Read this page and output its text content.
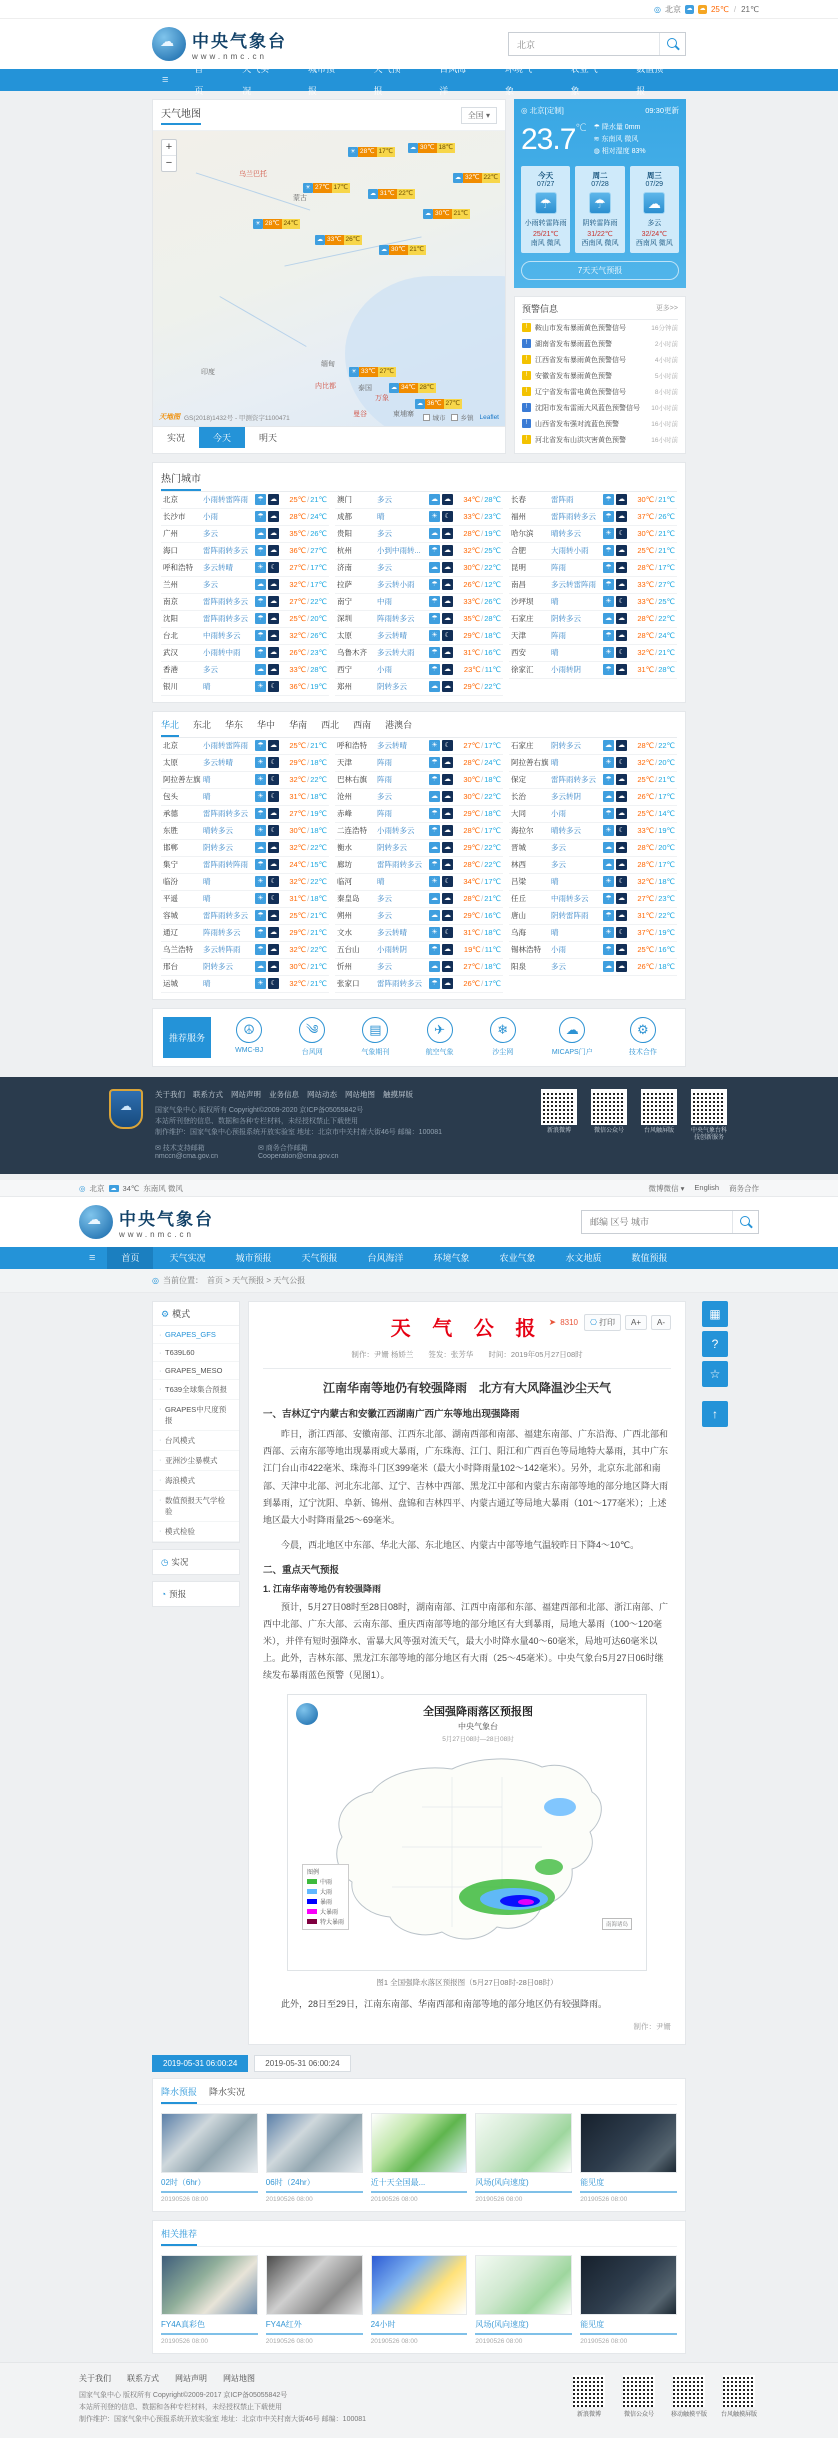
◎ 北京 ☁ ☁ 25℃ / 21℃
☁
中央气象台
www.nmc.cn
北京
≡
首页
天气实况
城市预报
天气预报
台风海洋
环境气象
农业气象
数值预报
天气地图	全国 ▾
+
−
☀ 28℃ 17℃	☁ 30℃ 18℃
☁ 32℃ 22℃
☀ 27℃ 17℃
☁ 31℃ 22℃
☁ 30℃ 21℃
☀ 28℃ 24℃
☁ 33℃ 26℃
☁ 30℃ 21℃
☀ 33℃ 27℃
☁ 34℃ 28℃
☁ 36℃ 27℃
蒙古
乌兰巴托
印度
缅甸
内比都	泰国
万象
曼谷	柬埔寨
天地图 GS(2018)1432号 - 甲测资字1100471	城市	乡镇 Leaflet
实况	今天	明天
◎ 北京[定制]	09:30更新
23.7℃ ☂ 降水量 0mm
≋ 东南风 微风
◍ 相对湿度 83%
今天
07/27
☂
小雨转雷阵雨
25/21℃
南风 微风
周二
07/28
☂
阴转雷阵雨
31/22℃
西南风 微风
周三
07/29
☁
多云
32/24℃
西南风 微风
7天天气预报
预警信息	更多>>
!	鞍山市发布暴雨黄色预警信号	16分钟前
!	湖南省发布暴雨蓝色预警	2小时前
!	江西省发布暴雨黄色预警信号	4小时前
!	安徽省发布暴雨黄色预警	5小时前
!	辽宁省发布雷电黄色预警信号	8小时前
!	沈阳市发布雷雨大风蓝色预警信号	10小时前
!	山西省发布强对流蓝色预警	16小时前
!	河北省发布山洪灾害黄色预警	16小时前
热门城市
北京	小雨转雷阵雨	☂ ☁ 25℃/21℃ 澳门	多云	☁ ☁ 34℃/28℃ 长春	雷阵雨	☂ ☁ 30℃/21℃
长沙市	小雨	☂ ☁ 28℃/24℃ 成都	晴	☀ ☾	33℃/23℃ 福州	雷阵雨转多云	☂ ☁ 37℃/26℃
广州	多云	☁ ☁ 35℃/26℃ 贵阳	多云	☁ ☁ 28℃/19℃ 哈尔滨	晴转多云	☀ ☾	30℃/21℃
海口	雷阵雨转多云	☂ ☁ 36℃/27℃ 杭州	小到中雨转...	☂ ☁ 32℃/25℃ 合肥	大雨转小雨	☂ ☁ 25℃/21℃
呼和浩特	多云转晴	☀ ☾	27℃/17℃ 济南	多云	☁ ☁ 30℃/22℃ 昆明	阵雨	☂ ☁ 28℃/17℃
兰州	多云	☁ ☁ 32℃/17℃ 拉萨	多云转小雨	☂ ☁ 26℃/12℃ 南昌	多云转雷阵雨	☂ ☁ 33℃/27℃
南京	雷阵雨转多云	☂ ☁ 27℃/22℃ 南宁	中雨	☂ ☁ 33℃/26℃ 沙坪坝	晴	☀ ☾	33℃/25℃
沈阳	雷阵雨转多云	☂ ☁ 25℃/20℃ 深圳	阵雨转多云	☂ ☁ 35℃/28℃ 石家庄	阴转多云	☁ ☁ 28℃/22℃
台北	中雨转多云	☂ ☁ 32℃/26℃ 太原	多云转晴	☀ ☾	29℃/18℃ 天津	阵雨	☂ ☁ 28℃/24℃
武汉	小雨转中雨	☂ ☁ 26℃/23℃ 乌鲁木齐	多云转大雨	☂ ☁ 31℃/16℃ 西安	晴	☀ ☾	32℃/21℃
香港	多云	☁ ☁ 33℃/28℃ 西宁	小雨	☂ ☁ 23℃/11℃ 徐家汇	小雨转阴	☂ ☁ 31℃/28℃
银川	晴	☀ ☾	36℃/19℃ 郑州	阴转多云	☁ ☁ 29℃/22℃
华北 东北 华东 华中 华南 西北 西南 港澳台
北京	小雨转雷阵雨	☂ ☁ 25℃/21℃ 呼和浩特	多云转晴	☀ ☾	27℃/17℃ 石家庄	阴转多云	☁ ☁ 28℃/22℃
太原	多云转晴	☀ ☾	29℃/18℃ 天津	阵雨	☂ ☁ 28℃/24℃ 阿拉善右旗 晴	☀ ☾	32℃/20℃
阿拉善左旗 晴	☀ ☾	32℃/22℃ 巴林右旗	阵雨	☂ ☁ 30℃/18℃ 保定	雷阵雨转多云	☂ ☁ 25℃/21℃
包头	晴	☀ ☾	31℃/18℃ 沧州	多云	☁ ☁ 30℃/22℃ 长治	多云转阴	☁ ☁ 26℃/17℃
承德	雷阵雨转多云	☂ ☁ 27℃/19℃ 赤峰	阵雨	☂ ☁ 29℃/18℃ 大同	小雨	☂ ☁ 25℃/14℃
东胜	晴转多云	☀ ☾	30℃/18℃ 二连浩特	小雨转多云	☂ ☁ 28℃/17℃ 海拉尔	晴转多云	☀ ☾	33℃/19℃
邯郸	阴转多云	☁ ☁ 32℃/22℃ 衡水	阴转多云	☁ ☁ 29℃/22℃ 晋城	多云	☁ ☁ 28℃/20℃
集宁	雷阵雨转阵雨	☂ ☁ 24℃/15℃ 廊坊	雷阵雨转多云	☂ ☁ 28℃/22℃ 林西	多云	☁ ☁ 28℃/17℃
临汾	晴	☀ ☾	32℃/22℃ 临河	晴	☀ ☾	34℃/17℃ 吕梁	晴	☀ ☾	32℃/18℃
平遥	晴	☀ ☾	31℃/18℃ 秦皇岛	多云	☁ ☁ 28℃/21℃ 任丘	中雨转多云	☂ ☁ 27℃/23℃
容城	雷阵雨转多云	☂ ☁ 25℃/21℃ 朔州	多云	☁ ☁ 29℃/16℃ 唐山	阴转雷阵雨	☂ ☁ 31℃/22℃
通辽	阵雨转多云	☂ ☁ 29℃/21℃ 文水	多云转晴	☀ ☾	31℃/18℃ 乌海	晴	☀ ☾	37℃/19℃
乌兰浩特	多云转阵雨	☂ ☁ 32℃/22℃ 五台山	小雨转阴	☂ ☁ 19℃/11℃ 锡林浩特	小雨	☂ ☁ 25℃/16℃
邢台	阴转多云	☁ ☁ 30℃/21℃ 忻州	多云	☁ ☁ 27℃/18℃ 阳泉	多云	☁ ☁ 26℃/18℃
运城	晴	☀ ☾	32℃/21℃ 张家口	雷阵雨转多云	☂ ☁ 26℃/17℃
推荐服务
☮
WMC-BJ
༄
台风网
▤
气象期刊
✈
航空气象
❄
沙尘网
☁
MICAPS门户
⚙
技术合作
☁
关于我们 联系方式 网站声明 业务信息 网站动态 网站地图 触摸屏版
国家气象中心 版权所有 Copyright©2009-2020 京ICP备05055842号
本站所刊登的信息、数据和各种专栏材料，未经授权禁止下载使用
制作维护：国家气象中心预报系统开放实验室 地址：北京市中关村南大街46号 邮编：100081
✉ 技术支持邮箱
nmccn@cma.gov.cn
✉ 商务合作邮箱
Cooperation@cma.gov.cn
新浪微博	微信公众号	台风触屏版	中央气象台科技创新服务
◎ 北京	☁ 34℃ 东南风 微风	微博微信 ▾ English 商务合作
☁
中央气象台
www.nmc.cn
邮编 区号 城市
≡	首页	天气实况	城市预报	天气预报	台风海洋	环境气象	农业气象	水文地质	数值预报
◎ 当前位置： 首页 > 天气预报 > 天气公报
⚙ 模式
· GRAPES_GFS
· T639L60
· GRAPES_MESO
· T639全球集合预报
· GRAPES中尺度预报
· 台风模式
· 亚洲沙尘暴模式
· 海浪模式
· 数值预报天气学检验
· 模式检验
◷ 实况
◔ 预报
天 气 公 报 ➤ 8310	⎔ 打印	A+	A-
制作：尹姗 杨娇兰　　签发：张芳华　　时间：2019年05月27日08时
江南华南等地仍有较强降雨　北方有大风降温沙尘天气
一、吉林辽宁内蒙古和安徽江西湖南广西广东等地出现强降雨

昨日，浙江西部、安徽南部、江西东北部、湖南西部和南部、福建东南部、广东沿海、广西北部和西部、云南东部等地出现暴雨或大暴雨，广东珠海、江门、阳江和广西百色等局地特大暴雨，其中广东江门台山市422毫米、珠海斗门区399毫米（最大小时降雨量102～142毫米）。另外，北京东北部和南部、天津中北部、河北东北部、辽宁、吉林中西部、黑龙江中部和内蒙古东南部等地的部分地区降大雨到暴雨，辽宁沈阳、阜新、锦州、盘锦和吉林四平、内蒙古通辽等局地大暴雨（101～177毫米）；上述地区最大小时降雨量25～69毫米。

今晨，西北地区中东部、华北大部、东北地区、内蒙古中部等地气温较昨日下降4～10℃。

二、重点天气预报
1. 江南华南等地仍有较强降雨

预计，5月27日08时至28日08时，湖南南部、江西中南部和东部、福建西部和北部、浙江南部、广西中北部、广东大部、云南东部、重庆西南部等地的部分地区有大到暴雨，局地大暴雨（100～120毫米），并伴有短时强降水、雷暴大风等强对流天气，最大小时降水量40～60毫米，局地可达60毫米以上。此外，吉林东部、黑龙江东部等地的部分地区有大雨（25～45毫米）。中央气象台5月27日06时继续发布暴雨蓝色预警（见图1）。

全国强降雨落区预报图
中央气象台
5月27日08时—28日08时
图例
中雨
大雨
暴雨
大暴雨
特大暴雨	南海诸岛
图1 全国强降水落区预报图（5月27日08时-28日08时）

此外，28日至29日，江南东南部、华南西部和南部等地的部分地区仍有较强降雨。

制作：尹姗
▦
?
☆
↑
2019-05-31 06:00:24	2019-05-31 06:00:24
降水预报 降水实况
02时（6hr）
20190526 08:00
06时（24hr）
20190526 08:00
近十天全国最...
20190526 08:00
风场(风向速度)
20190526 08:00
能见度
20190526 08:00
相关推荐
FY4A真彩色
20190526 08:00
FY4A红外
20190526 08:00
24小时
20190526 08:00
风场(风向速度)
20190526 08:00
能见度
20190526 08:00
关于我们 联系方式 网站声明 网站地图
国家气象中心 版权所有 Copyright©2009-2017 京ICP备05055842号
本站所刊登的信息、数据和各种专栏材料，未经授权禁止下载使用
制作维护：国家气象中心预报系统开放实验室 地址：北京市中关村南大街46号 邮编：100081
新浪微博	微信公众号	移动触摸平版	台风触摸屏版
